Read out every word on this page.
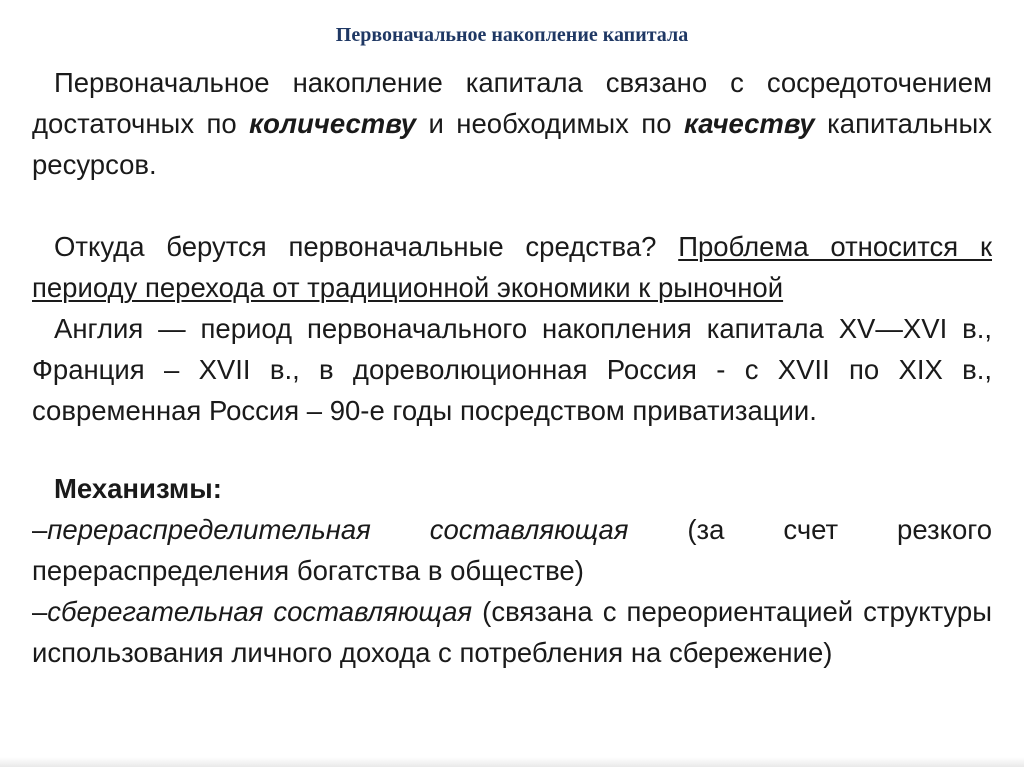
Первоначальное накопление капитала

Первоначальное накопление капитала связано с сосредоточением достаточных по количеству и необходимых по качеству капитальных ресурсов.

Откуда берутся первоначальные средства? Проблема относится к периоду перехода от традиционной экономики к рыночной

Англия — период первоначального накопления капитала XV—XVI в., Франция – XVII в., в дореволюционная Россия - с XVII по XIX в., современная Россия – 90-е годы посредством приватизации.

Механизмы:

–перераспределительная составляющая (за счет резкого перераспределения богатства в обществе)

–сберегательная составляющая (связана с переориентацией структуры использования личного дохода с потребления на сбережение)
